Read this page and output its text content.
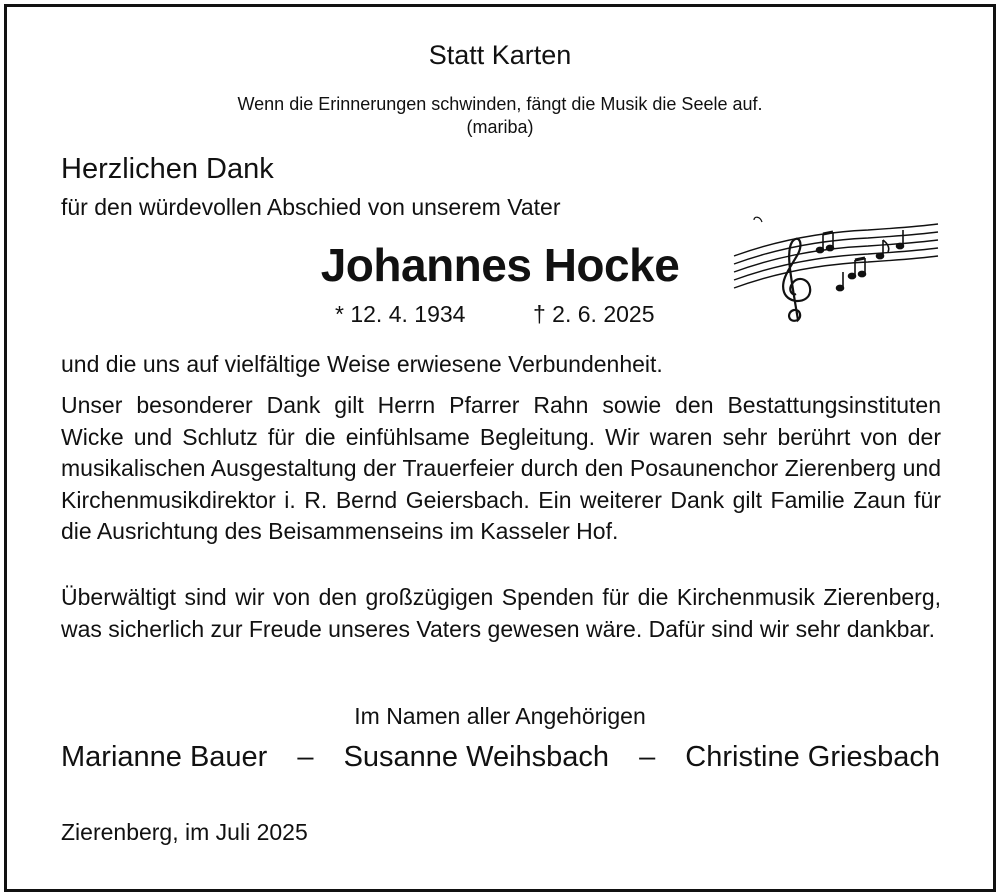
Statt Karten
Wenn die Erinnerungen schwinden, fängt die Musik die Seele auf.
(mariba)
Herzlichen Dank
für den würdevollen Abschied von unserem Vater
Johannes Hocke
* 12. 4. 1934	† 2. 6. 2025
und die uns auf vielfältige Weise erwiesene Verbundenheit.
Unser besonderer Dank gilt Herrn Pfarrer Rahn sowie den Bestattungsinstituten Wicke und Schlutz für die einfühlsame Begleitung. Wir waren sehr berührt von der musikalischen Ausgestaltung der Trauerfeier durch den Posaunenchor Zierenberg und Kirchenmusikdirektor i. R. Bernd Geiersbach. Ein weiterer Dank gilt Familie Zaun für die Ausrichtung des Beisammenseins im Kasseler Hof.
Überwältigt sind wir von den großzügigen Spenden für die Kirchenmusik Zierenberg, was sicherlich zur Freude unseres Vaters gewesen wäre. Dafür sind wir sehr dankbar.
Im Namen aller Angehörigen
Marianne Bauer – Susanne Weihsbach – Christine Griesbach
Zierenberg, im Juli 2025
